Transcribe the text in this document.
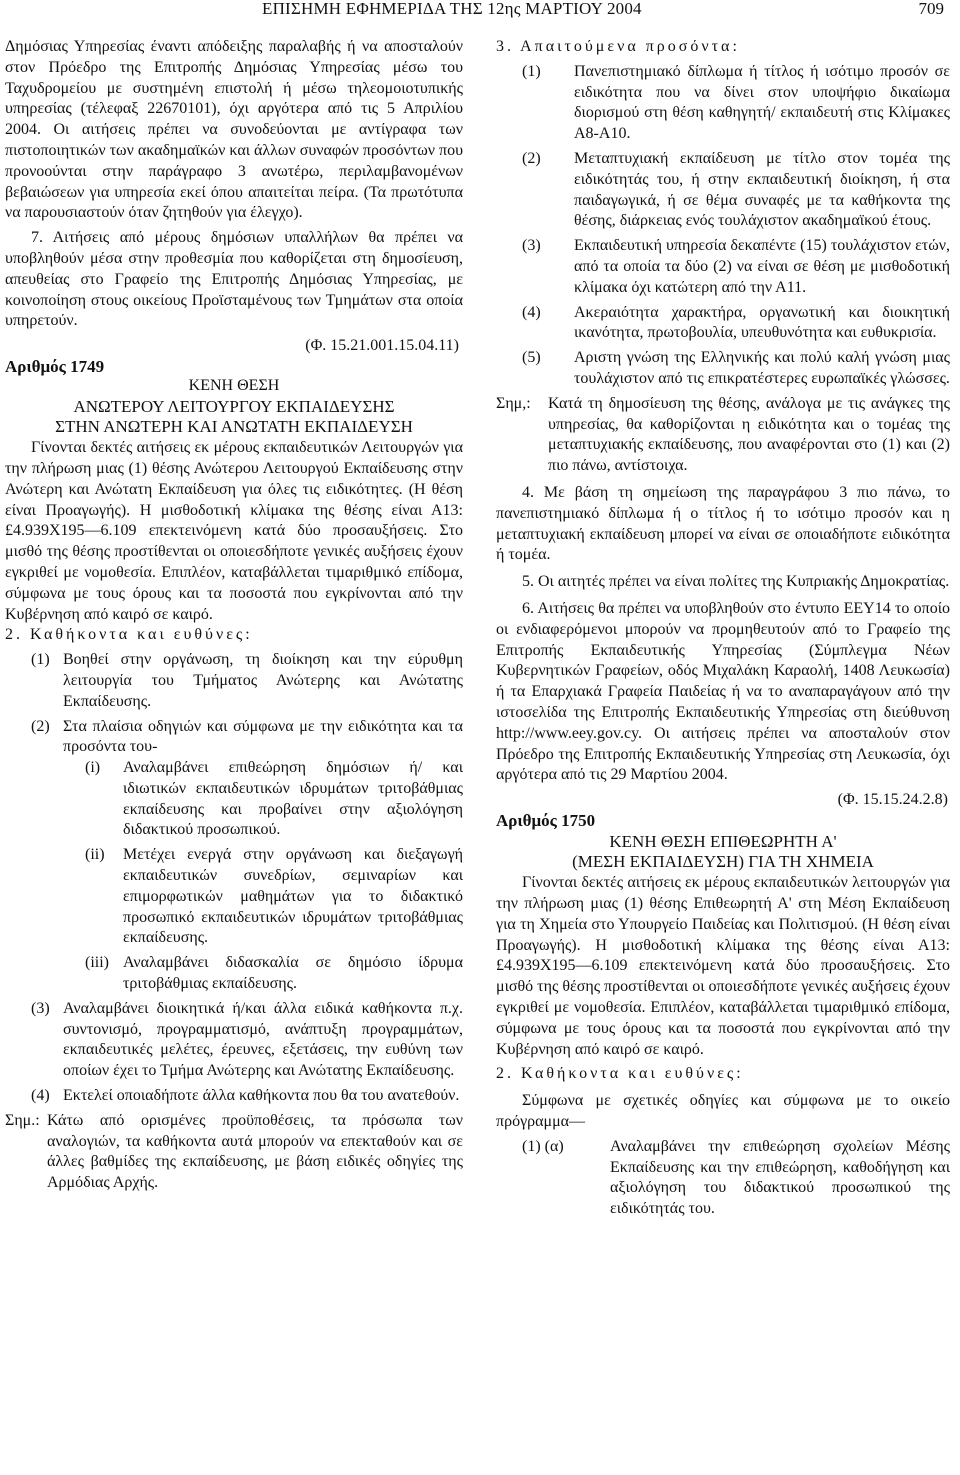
ΕΠΙΣΗΜΗ ΕΦΗΜΕΡΙΔΑ ΤΗΣ 12ης ΜΑΡΤΙΟΥ 2004	709

Δημόσιας Υπηρεσίας έναντι απόδειξης παραλαβής ή να αποσταλούν στον Πρόεδρο της Επιτροπής Δημόσιας Υπηρεσίας μέσω του Ταχυδρομείου με συστημένη επιστολή ή μέσω τηλεομοιοτυπικής υπηρεσίας (τέλεφαξ 22670101), όχι αργότερα από τις 5 Απριλίου 2004. Οι αιτήσεις πρέπει να συνοδεύονται με αντίγραφα των πιστοποιητικών των ακαδημαϊκών και άλλων συναφών προσόντων που προνοούνται στην παράγραφο 3 ανωτέρω, περιλαμβανομένων βεβαιώσεων για υπηρεσία εκεί όπου απαιτείται πείρα. (Τα πρωτότυπα να παρουσιαστούν όταν ζητηθούν για έλεγχο).

7. Αιτήσεις από μέρους δημόσιων υπαλλήλων θα πρέπει να υποβληθούν μέσα στην προθεσμία που καθορίζεται στη δημοσίευση, απευθείας στο Γραφείο της Επιτροπής Δημόσιας Υπηρεσίας, με κοινοποίηση στους οικείους Προϊσταμένους των Τμημάτων στα οποία υπηρετούν.

(Φ. 15.21.001.15.04.11)

Αριθμός 1749

ΚΕΝΗ ΘΕΣΗ

ΑΝΩΤΕΡΟΥ ΛΕΙΤΟΥΡΓΟΥ ΕΚΠΑΙΔΕΥΣΗΣ

ΣΤΗΝ ΑΝΩΤΕΡΗ ΚΑΙ ΑΝΩΤΑΤΗ ΕΚΠΑΙΔΕΥΣΗ

Γίνονται δεκτές αιτήσεις εκ μέρους εκπαιδευτικών Λειτουργών για την πλήρωση μιας (1) θέσης Ανώτερου Λειτουργού Εκπαίδευσης στην Ανώτερη και Ανώτατη Εκπαίδευση για όλες τις ειδικότητες. (Η θέση είναι Προαγωγής). Η μισθοδοτική κλίμακα της θέσης είναι Α13: £4.939Χ195—6.109 επεκτεινόμενη κατά δύο προσαυξήσεις. Στο μισθό της θέσης προστίθενται οι οποιεσδήποτε γενικές αυξήσεις έχουν εγκριθεί με νομοθεσία. Επιπλέον, καταβάλλεται τιμαριθμικό επίδομα, σύμφωνα με τους όρους και τα ποσοστά που εγκρίνονται από την Κυβέρνηση από καιρό σε καιρό.

2. Καθήκοντα και ευθύνες:

(1) Βοηθεί στην οργάνωση, τη διοίκηση και την εύρυθμη λειτουργία του Τμήματος Ανώτερης και Ανώτατης Εκπαίδευσης.
(2) Στα πλαίσια οδηγιών και σύμφωνα με την ειδικότητα και τα προσόντα του-
(i)	Αναλαμβάνει επιθεώρηση δημόσιων ή/ και ιδιωτικών εκπαιδευτικών ιδρυμάτων τριτοβάθμιας εκπαίδευσης και προβαίνει στην αξιολόγηση διδακτικού προσωπικού.
(ii)	Μετέχει ενεργά στην οργάνωση και διεξαγωγή εκπαιδευτικών συνεδρίων, σεμιναρίων και επιμορφωτικών μαθημάτων για το διδακτικό προσωπικό εκπαιδευτικών ιδρυμάτων τριτοβάθμιας εκπαίδευσης.
(iii) Αναλαμβάνει διδασκαλία σε δημόσιο ίδρυμα τριτοβάθμιας εκπαίδευσης.
(3) Αναλαμβάνει διοικητικά ή/και άλλα ειδικά καθήκοντα π.χ. συντονισμό, προγραμματισμό, ανάπτυξη προγραμμάτων, εκπαιδευτικές μελέτες, έρευνες, εξετάσεις, την ευθύνη των οποίων έχει το Τμήμα Ανώτερης και Ανώτατης Εκπαίδευσης.
(4) Εκτελεί οποιαδήποτε άλλα καθήκοντα που θα του ανατεθούν.
Σημ.: Κάτω από ορισμένες προϋποθέσεις, τα πρόσωπα των αναλογιών, τα καθήκοντα αυτά μπορούν να επεκταθούν και σε άλλες βαθμίδες της εκπαίδευσης, με βάση ειδικές οδηγίες της Αρμόδιας Αρχής.

3. Απαιτούμενα προσόντα:

(1)	Πανεπιστημιακό δίπλωμα ή τίτλος ή ισότιμο προσόν σε ειδικότητα που να δίνει στον υποψήφιο δικαίωμα διορισμού στη θέση καθηγητή/ εκπαιδευτή στις Κλίμακες Α8-Α10.
(2)	Μεταπτυχιακή εκπαίδευση με τίτλο στον τομέα της ειδικότητάς του, ή στην εκπαιδευτική διοίκηση, ή στα παιδαγωγικά, ή σε θέμα συναφές με τα καθήκοντα της θέσης, διάρκειας ενός τουλάχιστον ακαδημαϊκού έτους.
(3)	Εκπαιδευτική υπηρεσία δεκαπέντε (15) τουλάχιστον ετών, από τα οποία τα δύο (2) να είναι σε θέση με μισθοδοτική κλίμακα όχι κατώτερη από την Α11.
(4)	Ακεραιότητα χαρακτήρα, οργανωτική και διοικητική ικανότητα, πρωτοβουλία, υπευθυνότητα και ευθυκρισία.
(5)	Αριστη γνώση της Ελληνικής και πολύ καλή γνώση μιας τουλάχιστον από τις επικρατέστερες ευρωπαϊκές γλώσσες.
Σημ,:	Κατά τη δημοσίευση της θέσης, ανάλογα με τις ανάγκες της υπηρεσίας, θα καθορίζονται η ειδικότητα και ο τομέας της μεταπτυχιακής εκπαίδευσης, που αναφέρονται στο (1) και (2) πιο πάνω, αντίστοιχα.

4. Με βάση τη σημείωση της παραγράφου 3 πιο πάνω, το πανεπιστημιακό δίπλωμα ή ο τίτλος ή το ισότιμο προσόν και η μεταπτυχιακή εκπαίδευση μπορεί να είναι σε οποιαδήποτε ειδικότητα ή τομέα.

5. Οι αιτητές πρέπει να είναι πολίτες της Κυπριακής Δημοκρατίας.

6. Αιτήσεις θα πρέπει να υποβληθούν στο έντυπο ΕΕΥ14 το οποίο οι ενδιαφερόμενοι μπορούν να προμηθευτούν από το Γραφείο της Επιτροπής Εκπαιδευτικής Υπηρεσίας (Σύμπλεγμα Νέων Κυβερνητικών Γραφείων, οδός Μιχαλάκη Καραολή, 1408 Λευκωσία) ή τα Επαρχιακά Γραφεία Παιδείας ή να το αναπαραγάγουν από την ιστοσελίδα της Επιτροπής Εκπαιδευτικής Υπηρεσίας στη διεύθυνση http://www.eey.gov.cy. Οι αιτήσεις πρέπει να αποσταλούν στον Πρόεδρο της Επιτροπής Εκπαιδευτικής Υπηρεσίας στη Λευκωσία, όχι αργότερα από τις 29 Μαρτίου 2004.

(Φ. 15.15.24.2.8)

Αριθμός 1750

ΚΕΝΗ ΘΕΣΗ ΕΠΙΘΕΩΡΗΤΗ Α'

(ΜΕΣΗ ΕΚΠΑΙΔΕΥΣΗ) ΓΙΑ ΤΗ ΧΗΜΕΙΑ

Γίνονται δεκτές αιτήσεις εκ μέρους εκπαιδευτικών λειτουργών για την πλήρωση μιας (1) θέσης Επιθεωρητή Α' στη Μέση Εκπαίδευση για τη Χημεία στο Υπουργείο Παιδείας και Πολιτισμού. (Η θέση είναι Προαγωγής). Η μισθοδοτική κλίμακα της θέσης είναι Α13: £4.939Χ195—6.109 επεκτεινόμενη κατά δύο προσαυξήσεις. Στο μισθό της θέσης προστίθενται οι οποιεσδήποτε γενικές αυξήσεις έχουν εγκριθεί με νομοθεσία. Επιπλέον, καταβάλλεται τιμαριθμικό επίδομα, σύμφωνα με τους όρους και τα ποσοστά που εγκρίνονται από την Κυβέρνηση από καιρό σε καιρό.

2. Καθήκοντα και ευθύνες:

Σύμφωνα με σχετικές οδηγίες και σύμφωνα με το οικείο πρόγραμμα—

(1) (α)	Αναλαμβάνει την επιθεώρηση σχολείων Μέσης Εκπαίδευσης και την επιθεώρηση, καθοδήγηση και αξιολόγηση του διδακτικού προσωπικού της ειδικότητάς του.
